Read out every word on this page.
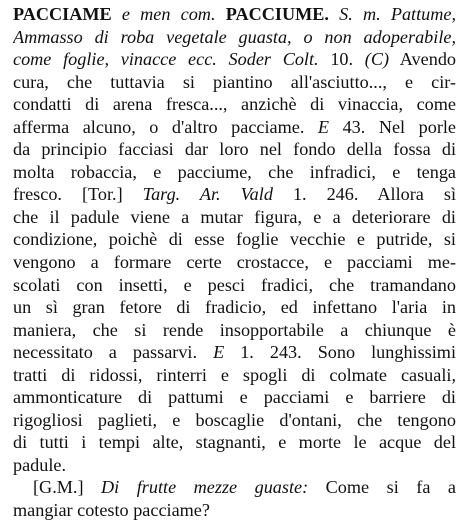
PACCIAME e men com. PACCIUME. S. m. Pattume,
Ammasso di roba vegetale guasta, o non adoperabile,
come foglie, vinacce ecc. Soder Colt. 10. (C) Avendo
cura, che tuttavia si piantino all'asciutto..., e cir-
condatti di arena fresca..., anzichè di vinaccia, come
afferma alcuno, o d'altro pacciame. E 43. Nel porle
da principio facciasi dar loro nel fondo della fossa di
molta robaccia, e pacciume, che infradici, e tenga
fresco. [Tor.] Targ. Ar. Vald 1. 246. Allora sì
che il padule viene a mutar figura, e a deteriorare di
condizione, poichè di esse foglie vecchie e putride, si
vengono a formare certe crostacce, e pacciami me-
scolati con insetti, e pesci fradici, che tramandano
un sì gran fetore di fradicio, ed infettano l'aria in
maniera, che si rende insopportabile a chiunque è
necessitato a passarvi. E 1. 243. Sono lunghissimi
tratti di ridossi, rinterri e spogli di colmate casuali,
ammonticature di pattumi e pacciami e barriere di
rigogliosi paglieti, e boscaglie d'ontani, che tengono
di tutti i tempi alte, stagnanti, e morte le acque del
padule.
[G.M.] Di frutte mezze guaste: Come si fa a
mangiar cotesto pacciame?
